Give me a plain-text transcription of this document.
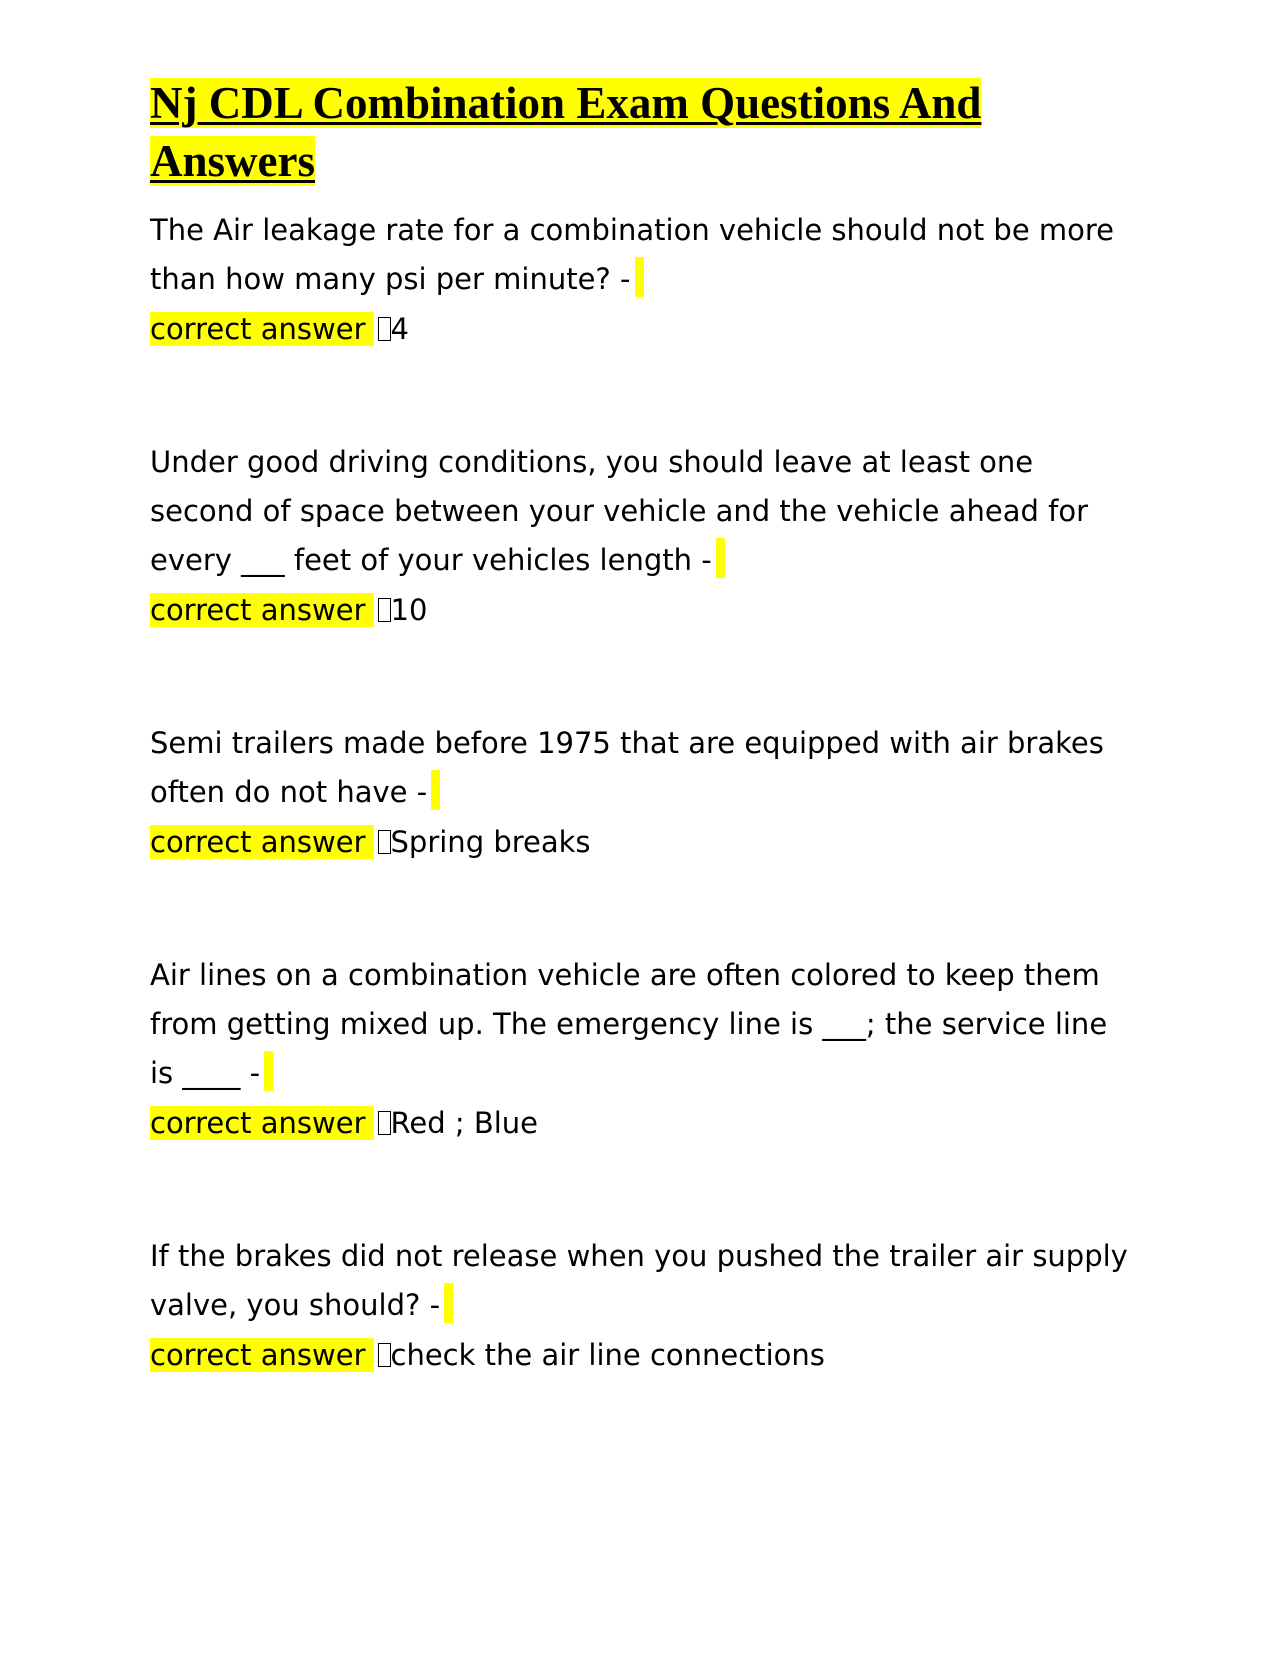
Nj CDL Combination Exam Questions And Answers

The Air leakage rate for a combination vehicle should not be more than how many psi per minute? -

correct answer 4

Under good driving conditions, you should leave at least one second of space between your vehicle and the vehicle ahead for every ___ feet of your vehicles length -

correct answer 10

Semi trailers made before 1975 that are equipped with air brakes often do not have -

correct answer Spring breaks

Air lines on a combination vehicle are often colored to keep them from getting mixed up. The emergency line is ___; the service line is ____ -

correct answer Red ; Blue

If the brakes did not release when you pushed the trailer air supply valve, you should? -

correct answer check the air line connections
